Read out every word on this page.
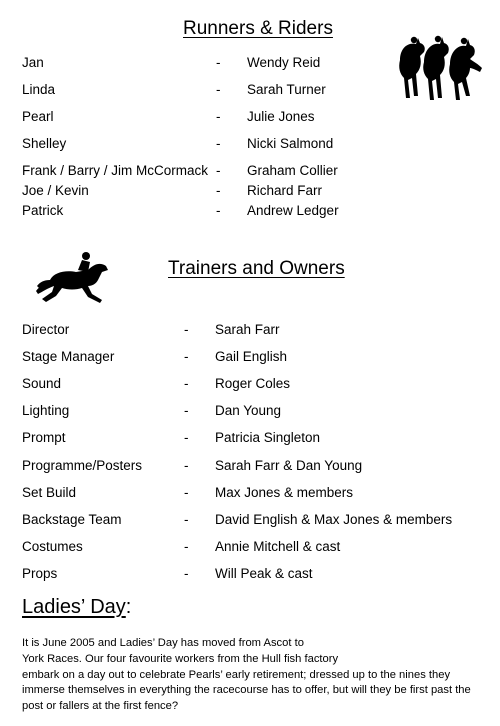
Runners & Riders
Jan	- Wendy Reid
Linda	- Sarah Turner
Pearl	- Julie Jones
Shelley	- Nicki Salmond
Frank / Barry / Jim McCormack - Graham Collier
Joe / Kevin	- Richard Farr
Patrick	- Andrew Ledger
Trainers and Owners
Director	- Sarah Farr
Stage Manager	- Gail English
Sound	- Roger Coles
Lighting	- Dan Young
Prompt	- Patricia Singleton
Programme/Posters	- Sarah Farr & Dan Young
Set Build	- Max Jones & members
Backstage Team	- David English & Max Jones & members
Costumes	- Annie Mitchell & cast
Props	- Will Peak & cast
Ladies’ Day:
It is June 2005 and Ladies’ Day has moved from Ascot to
York Races. Our four favourite workers from the Hull fish factory
embark on a day out to celebrate Pearls’ early retirement; dressed up to the nines they
immerse themselves in everything the racecourse has to offer, but will they be first past the
post or fallers at the first fence?
